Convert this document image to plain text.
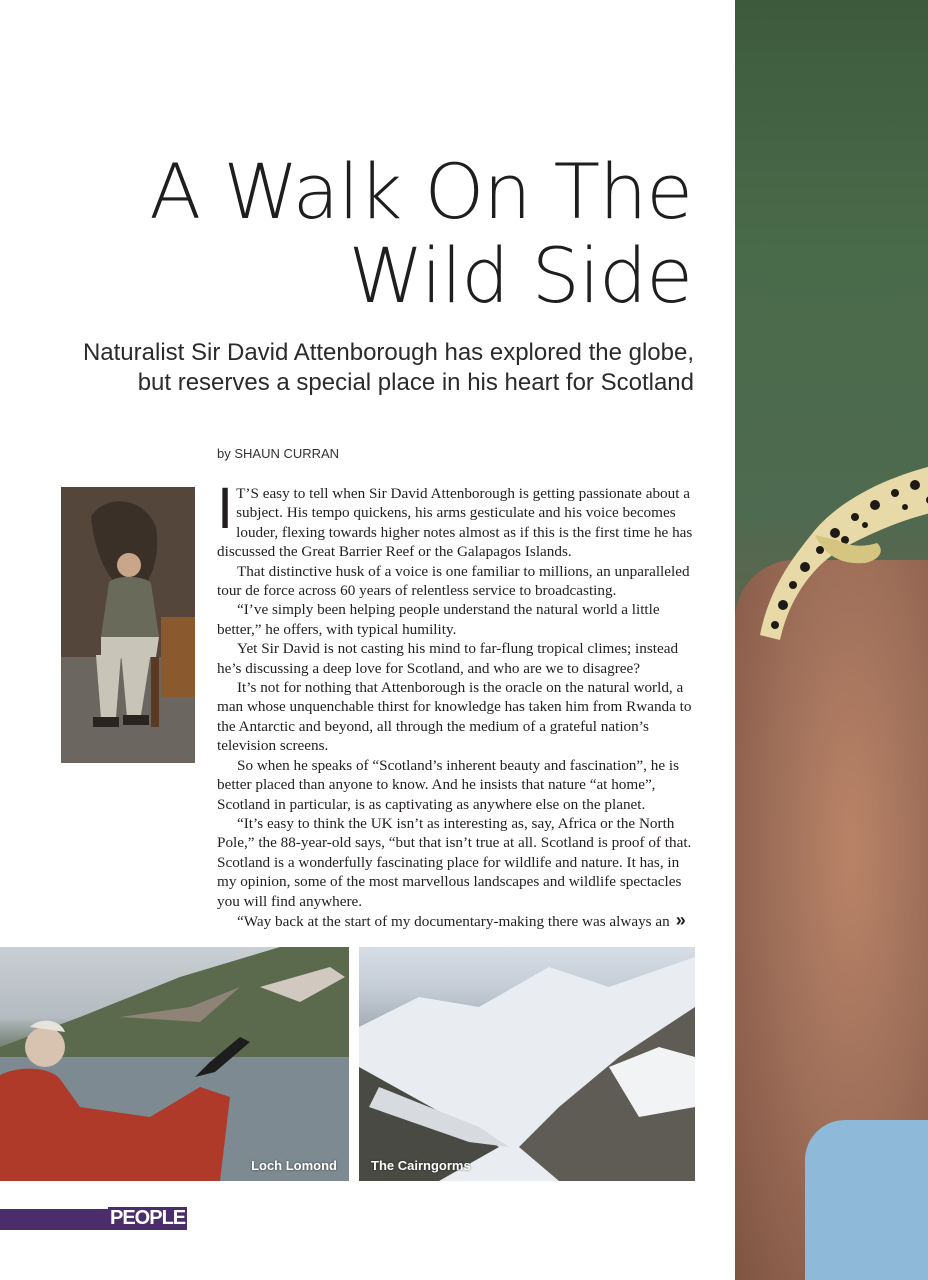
A Walk On The
Wild Side
Naturalist Sir David Attenborough has explored the globe,
but reserves a special place in his heart for Scotland
by SHAUN CURRAN

I T’S easy to tell when Sir David Attenborough is getting passionate about a subject. His tempo quickens, his arms gesticulate and his voice becomes louder, flexing towards higher notes almost as if this is the first time he has discussed the Great Barrier Reef or the Galapagos Islands.

That distinctive husk of a voice is one familiar to millions, an unparalleled tour de force across 60 years of relentless service to broadcasting.

“I’ve simply been helping people understand the natural world a little better,” he offers, with typical humility.

Yet Sir David is not casting his mind to far-flung tropical climes; instead he’s discussing a deep love for Scotland, and who are we to disagree?

It’s not for nothing that Attenborough is the oracle on the natural world, a man whose unquenchable thirst for knowledge has taken him from Rwanda to the Antarctic and beyond, all through the medium of a grateful nation’s television screens.

So when he speaks of “Scotland’s inherent beauty and fascination”, he is better placed than anyone to know. And he insists that nature “at home”, Scotland in particular, is as captivating as anywhere else on the planet.

“It’s easy to think the UK isn’t as interesting as, say, Africa or the North Pole,” the 88-year-old says, “but that isn’t true at all. Scotland is proof of that. Scotland is a wonderfully fascinating place for wildlife and nature. It has, in my opinion, some of the most marvellous landscapes and wildlife spectacles you will find anywhere.

“Way back at the start of my documentary-making there was always an »

Loch Lomond	The Cairngorms
PEOPLE
